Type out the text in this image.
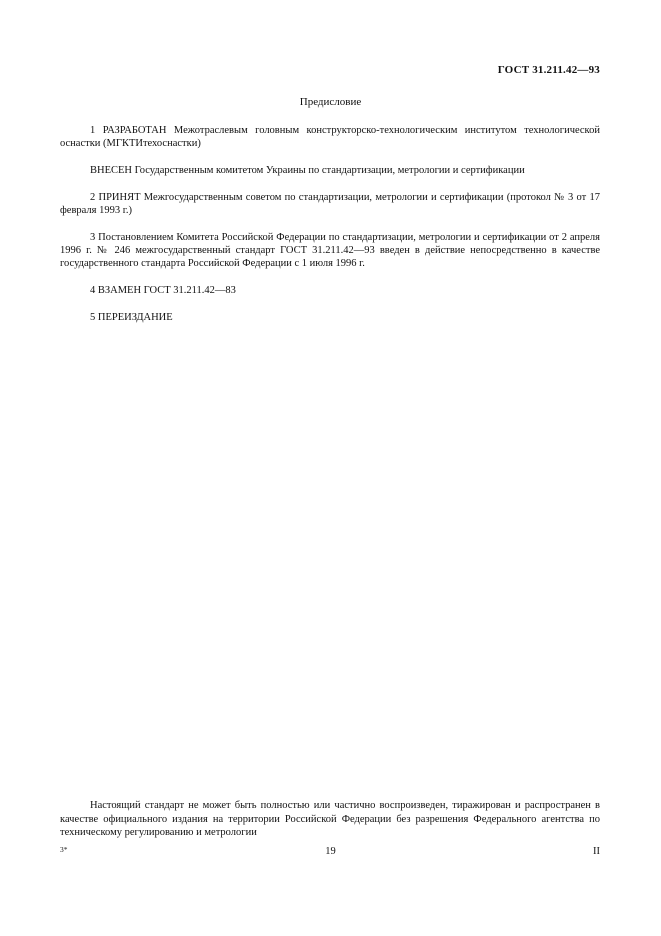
ГОСТ 31.211.42—93
Предисловие

1 РАЗРАБОТАН Межотраслевым головным конструкторско-технологическим институтом технологической оснастки (МГКТИтехоснастки)

ВНЕСЕН Государственным комитетом Украины по стандартизации, метрологии и сертификации

2 ПРИНЯТ Межгосударственным советом по стандартизации, метрологии и сертификации (протокол № 3 от 17 февраля 1993 г.)

3 Постановлением Комитета Российской Федерации по стандартизации, метрологии и сертификации от 2 апреля 1996 г. № 246 межгосударственный стандарт ГОСТ 31.211.42—93 введен в действие непосредственно в качестве государственного стандарта Российской Федерации с 1 июля 1996 г.

4 ВЗАМЕН ГОСТ 31.211.42—83

5 ПЕРЕИЗДАНИЕ

Настоящий стандарт не может быть полностью или частично воспроизведен, тиражирован и распространен в качестве официального издания на территории Российской Федерации без разрешения Федерального агентства по техническому регулированию и метрологии
3*	19	II
